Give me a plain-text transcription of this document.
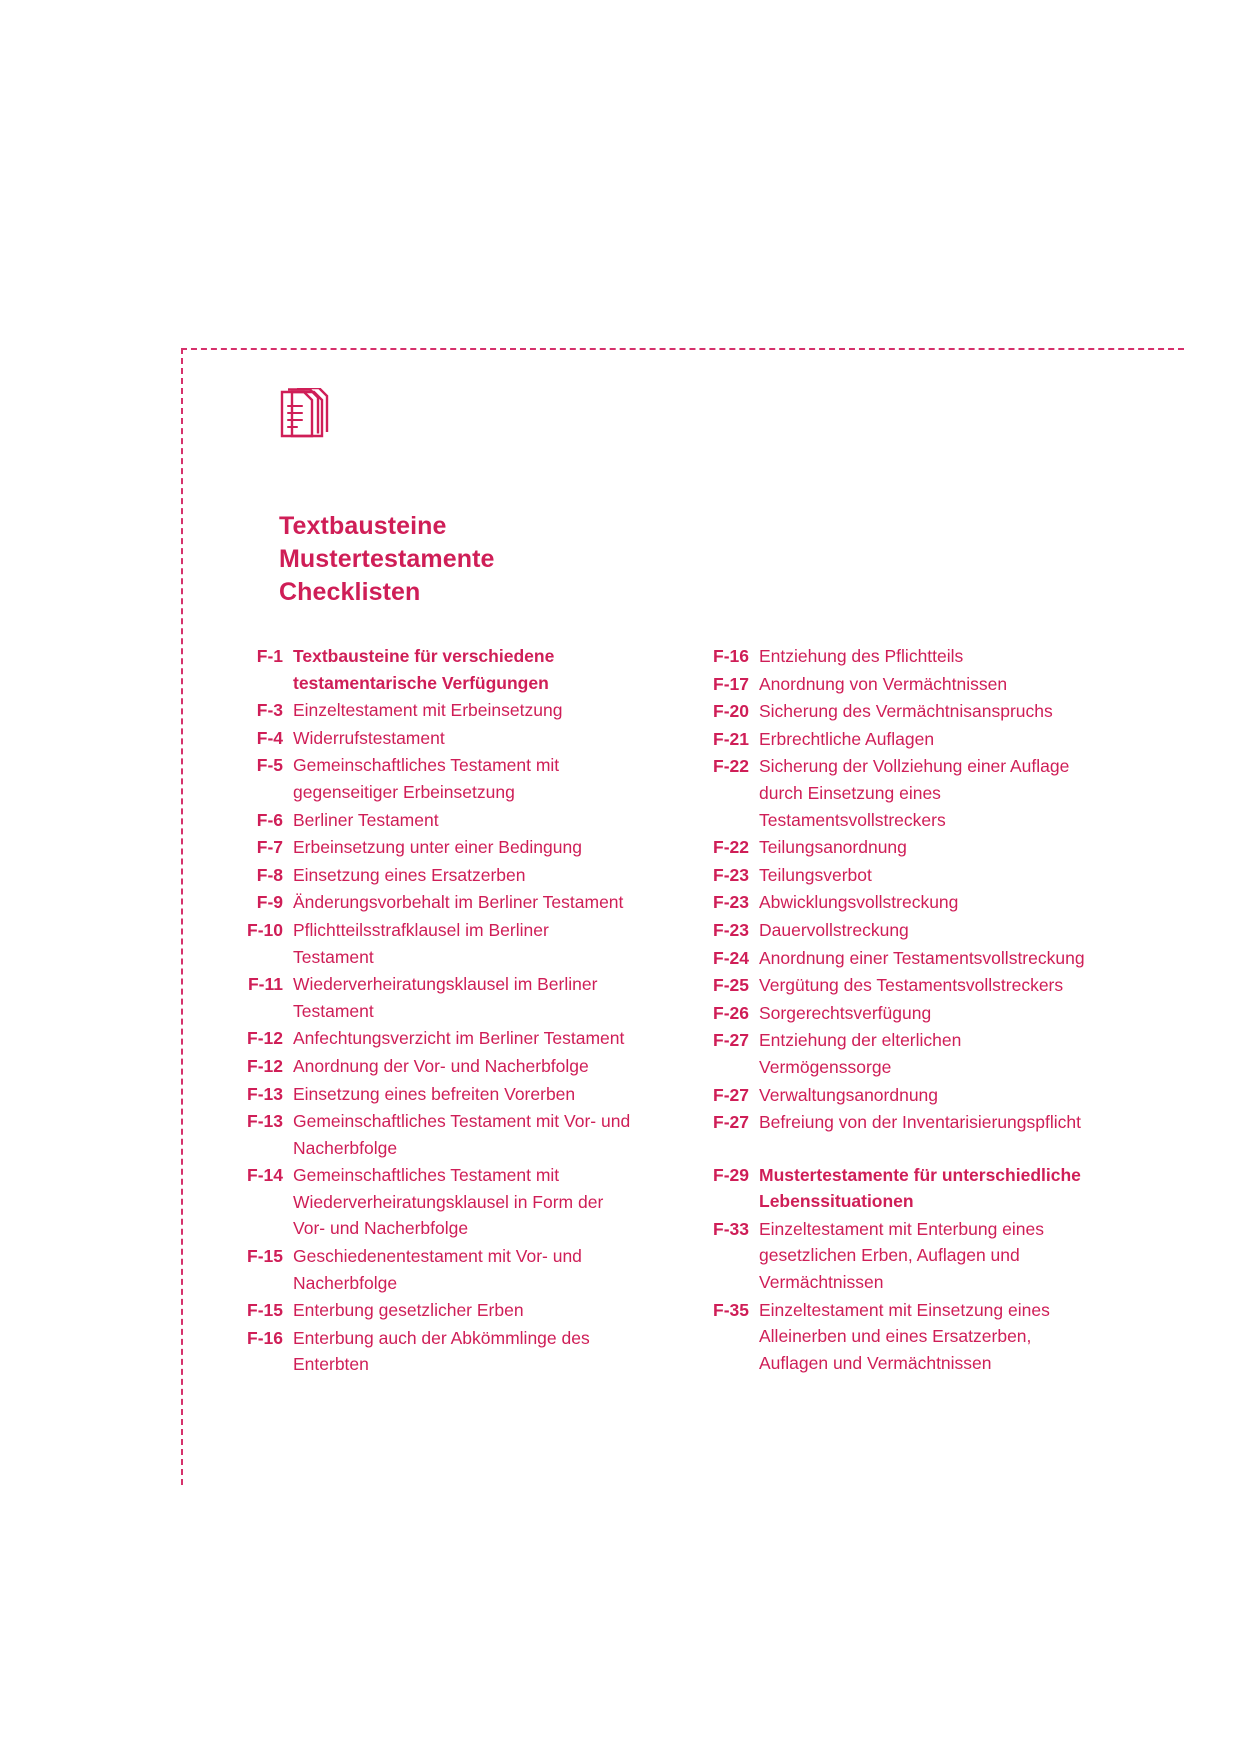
Textbausteine
Mustertestamente
Checklisten
F-1 Textbausteine für verschiedene testamentarische Verfügungen
F-3 Einzeltestament mit Erbeinsetzung
F-4 Widerrufstestament
F-5 Gemeinschaftliches Testament mit gegenseitiger Erbeinsetzung
F-6 Berliner Testament
F-7 Erbeinsetzung unter einer Bedingung
F-8 Einsetzung eines Ersatzerben
F-9 Änderungsvorbehalt im Berliner Testament
F-10 Pflichtteilsstrafklausel im Berliner Testament
F-11 Wiederverheiratungsklausel im Berliner Testament
F-12 Anfechtungsverzicht im Berliner Testament
F-12 Anordnung der Vor- und Nacherbfolge
F-13 Einsetzung eines befreiten Vorerben
F-13 Gemeinschaftliches Testament mit Vor- und Nacherbfolge
F-14 Gemeinschaftliches Testament mit Wiederverheiratungsklausel in Form der Vor- und Nacherbfolge
F-15 Geschiedenentestament mit Vor- und Nacherbfolge
F-15 Enterbung gesetzlicher Erben
F-16 Enterbung auch der Abkömmlinge des Enterbten
F-16 Entziehung des Pflichtteils
F-17 Anordnung von Vermächtnissen
F-20 Sicherung des Vermächtnisanspruchs
F-21 Erbrechtliche Auflagen
F-22 Sicherung der Vollziehung einer Auflage durch Einsetzung eines Testamentsvollstreckers
F-22 Teilungsanordnung
F-23 Teilungsverbot
F-23 Abwicklungsvollstreckung
F-23 Dauervollstreckung
F-24 Anordnung einer Testamentsvollstreckung
F-25 Vergütung des Testamentsvollstreckers
F-26 Sorgerechtsverfügung
F-27 Entziehung der elterlichen Vermögenssorge
F-27 Verwaltungsanordnung
F-27 Befreiung von der Inventarisierungspflicht
F-29 Mustertestamente für unterschiedliche Lebenssituationen
F-33 Einzeltestament mit Enterbung eines gesetzlichen Erben, Auflagen und Vermächtnissen
F-35 Einzeltestament mit Einsetzung eines Alleinerben und eines Ersatzerben, Auflagen und Vermächtnissen
